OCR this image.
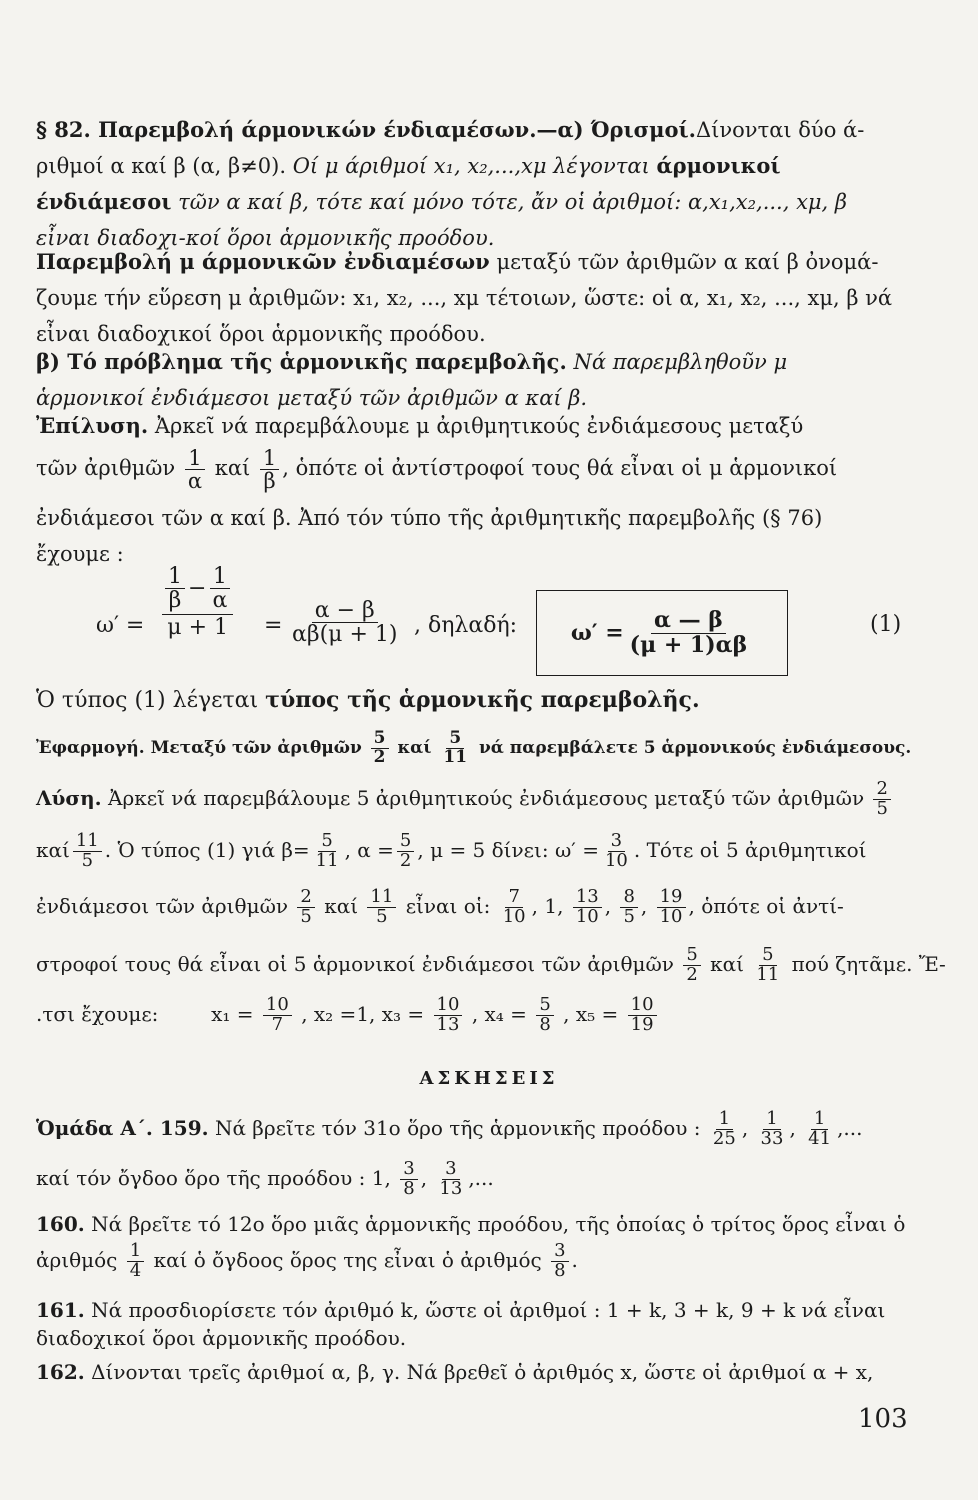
§ 82. Παρεμβολή άρμονικών ένδιαμέσων.—α) Όρισμοί.Δίνονται δύο ά-ριθμοί α καί β (α, β≠0). Οί μ άριθμοί x₁, x₂,...,xμ λέγονται άρμονικοί ένδιάμεσοι τῶν α καί β, τότε καί μόνο τότε, ἄν οἱ ἀριθμοί: α,x₁,x₂,..., xμ, β εἶναι διαδοχι-κοί ὅροι ἁρμονικῆς προόδου.
Παρεμβολή μ άρμονικῶν ἐνδιαμέσων μεταξύ τῶν ἀριθμῶν α καί β ὀνομά-ζουμε τήν εὕρεση μ ἀριθμῶν: x₁, x₂, ..., xμ τέτοιων, ὥστε: οἱ α, x₁, x₂, ..., xμ, β νά εἶναι διαδοχικοί ὅροι ἁρμονικῆς προόδου.
β) Τό πρόβλημα τῆς ἁρμονικῆς παρεμβολῆς. Νά παρεμβληθοῦν μ ἁρμονικοί ἐνδιάμεσοι μεταξύ τῶν ἀριθμῶν α καί β.
Ἐπίλυση. Ἀρκεῖ νά παρεμβάλουμε μ ἀριθμητικούς ἐνδιάμεσους μεταξύ
τῶν ἀριθμῶν $\frac{1}{\alpha}$ καί $\frac{1}{\beta}$ , ὁπότε οἱ ἀντίστροφοί τους θά εἶναι οἱ μ ἁρμονικοί
ἐνδιάμεσοι τῶν α καί β. Ἀπό τόν τύπο τῆς ἀριθμητικῆς παρεμβολῆς (§ 76)
ἔχουμε :
$\omega' = \frac{\frac{1}{\beta} - \frac{1}{\alpha}}{\mu + 1} = \frac{\alpha - \beta}{\alpha\beta(\mu + 1)}$ , δηλαδή: $\omega' = \frac{\alpha — \beta}{(\mu + 1)\alpha\beta}$	(1)
Ὁ τύπος (1) λέγεται τύπος τῆς ἁρμονικῆς παρεμβολῆς.
Ἐφαρμογή. Μεταξύ τῶν ἀριθμῶν $\frac{5}{2}$ καί $\frac{5}{11}$ νά παρεμβάλετε 5 ἁρμονικούς ἐνδιάμεσους.
Λύση. Ἀρκεῖ νά παρεμβάλουμε 5 ἀριθμητικούς ἐνδιάμεσους μεταξύ τῶν ἀριθμῶν $\frac{2}{5}$
καί $\frac{11}{5}$ . Ὁ τύπος (1) γιά $\beta= \frac{5}{11}$ , $\alpha = \frac{5}{2}$ , μ = 5 δίνει: $\omega' = \frac{3}{10}$ . Τότε οἱ 5 ἀριθμητικοί
ἐνδιάμεσοι τῶν ἀριθμῶν $\frac{2}{5}$ καί $\frac{11}{5}$ εἶναι οἱ: $\frac{7}{10}$ , 1, $\frac{13}{10}$ , $\frac{8}{5}$ , $\frac{19}{10}$ , ὁπότε οἱ ἀντί-
στροφοί τους θά εἶναι οἱ 5 ἁρμονικοί ἐνδιάμεσοι τῶν ἀριθμῶν $\frac{5}{2}$ καί $\frac{5}{11}$ πού ζητᾶμε. Ἔ-
.τσι ἔχουμε:	$x_1 = \frac{10}{7}$ , x₂ =1, $x_3 = \frac{10}{13}$ , $x_4 = \frac{5}{8}$ , $x_5 = \frac{10}{19}$
ΑΣΚΗΣΕΙΣ
Ὁμάδα Α΄. 159. Νά βρεῖτε τόν 31ο ὅρο τῆς ἁρμονικῆς προόδου : $\frac{1}{25}$ , $\frac{1}{33}$ , $\frac{1}{41}$ ,...
καί τόν ὄγδοο ὅρο τῆς προόδου : 1, $\frac{3}{8}$ , $\frac{3}{13}$ ,...
160. Νά βρεῖτε τό 12ο ὅρο μιᾶς ἁρμονικῆς προόδου, τῆς ὁποίας ὁ τρίτος ὅρος εἶναι ὁ
ἀριθμός $\frac{1}{4}$ καί ὁ ὄγδοος ὅρος της εἶναι ὁ ἀριθμός $\frac{3}{8}$ .
161. Νά προσδιορίσετε τόν ἀριθμό k, ὥστε οἱ ἀριθμοί : 1 + k, 3 + k, 9 + k νά εἶναι
διαδοχικοί ὅροι ἁρμονικῆς προόδου.
162. Δίνονται τρεῖς ἀριθμοί α, β, γ. Νά βρεθεῖ ὁ ἀριθμός x, ὥστε οἱ ἀριθμοί α + x,
103
